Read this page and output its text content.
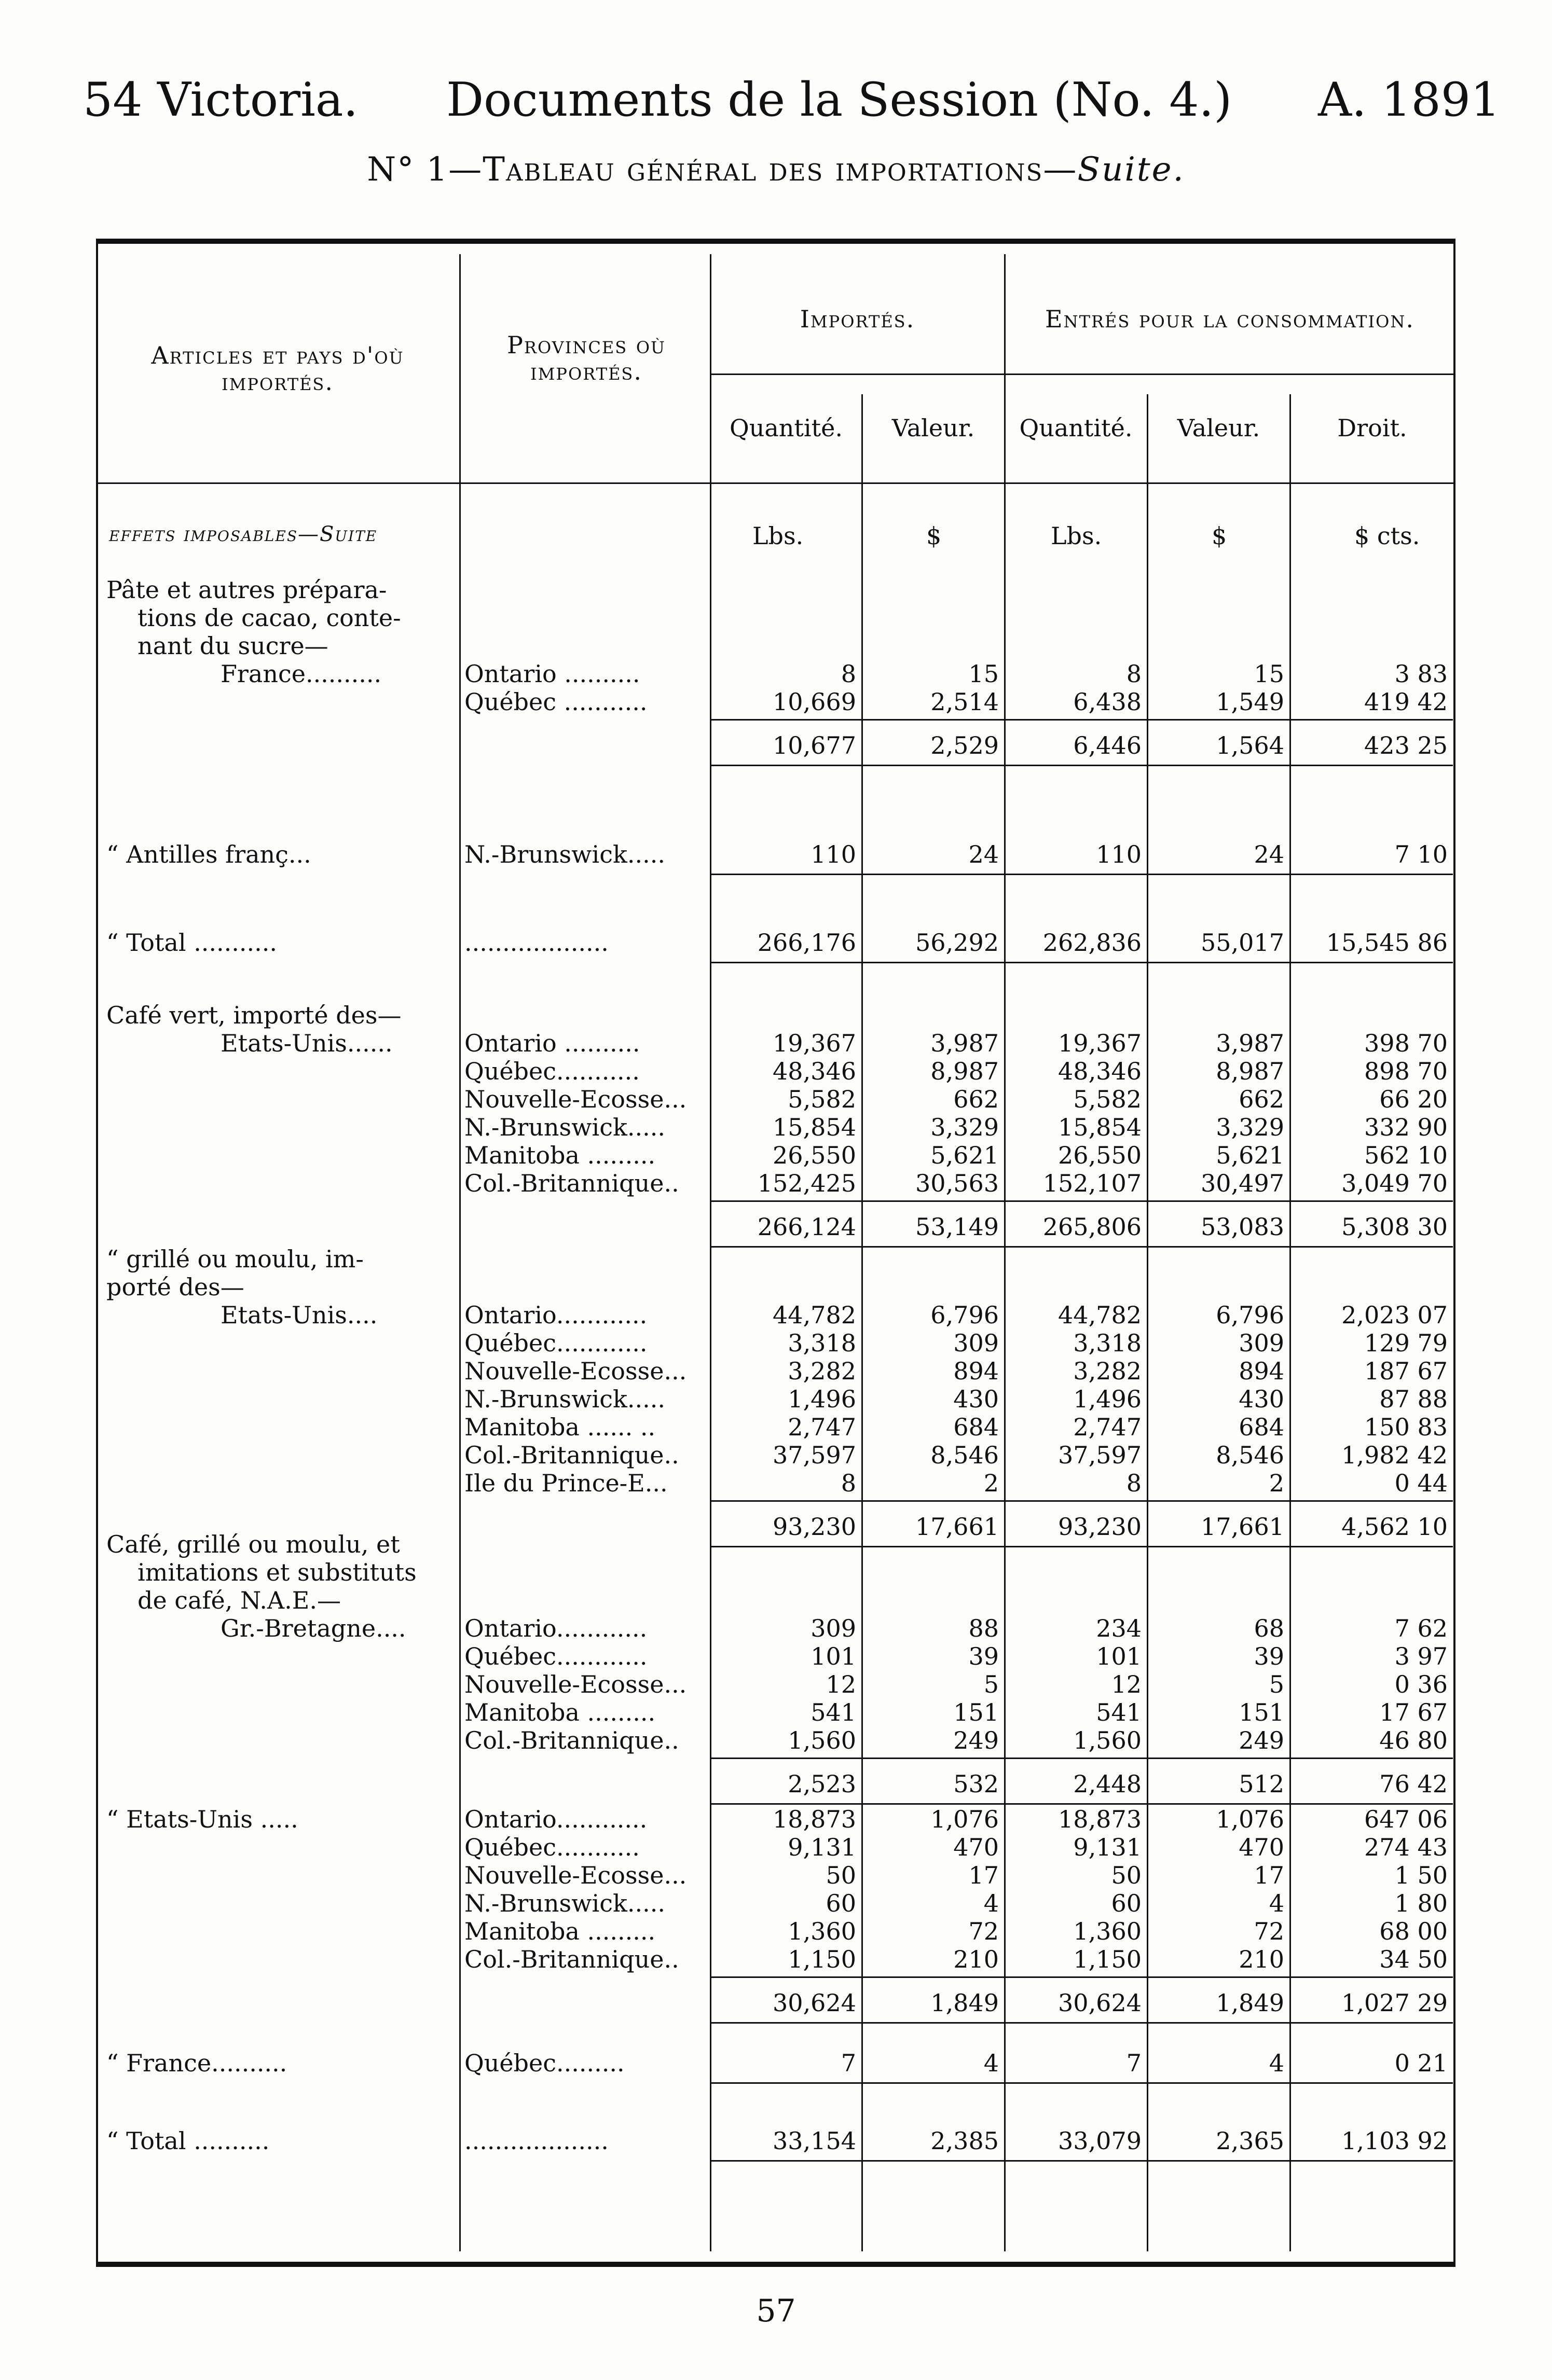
54 Victoria. Documents de la Session (No. 4.) A. 1891
N° 1—Tableau général des importations—Suite.
Articles et pays d'où importés.
Provinces où importés.
Importés.	Entrés pour la consommation.
Quantité.	Valeur.	Quantité.	Valeur.	Droit.
effets imposables—Suite	Lbs.	$	Lbs.	$	$ cts.
Pâte et autres prépara-
tions de cacao, conte-
nant du sucre—
France..........	Ontario ..........	8	15	8	15	3 83
Québec ...........	10,669	2,514	6,438	1,549	419 42
10,677	2,529	6,446	1,564	423 25
“ Antilles franç...	N.-Brunswick.....	110	24	110	24	7 10
“ Total ...........	...................	266,176	56,292	262,836	55,017	15,545 86
Café vert, importé des—
Etats-Unis......	Ontario ..........	19,367	3,987	19,367	3,987	398 70
Québec...........	48,346	8,987	48,346	8,987	898 70
Nouvelle-Ecosse...	5,582	662	5,582	662	66 20
N.-Brunswick.....	15,854	3,329	15,854	3,329	332 90
Manitoba .........	26,550	5,621	26,550	5,621	562 10
Col.-Britannique..	152,425	30,563	152,107	30,497	3,049 70
266,124	53,149	265,806	53,083	5,308 30
“ grillé ou moulu, im-
porté des—
Etats-Unis....	Ontario............	44,782	6,796	44,782	6,796	2,023 07
Québec............	3,318	309	3,318	309	129 79
Nouvelle-Ecosse...	3,282	894	3,282	894	187 67
N.-Brunswick.....	1,496	430	1,496	430	87 88
Manitoba ...... ..	2,747	684	2,747	684	150 83
Col.-Britannique..	37,597	8,546	37,597	8,546	1,982 42
Ile du Prince-E...	8	2	8	2	0 44
93,230	17,661	93,230	17,661	4,562 10
Café, grillé ou moulu, et
imitations et substituts
de café, N.A.E.—
Gr.-Bretagne.... Ontario............	309	88	234	68	7 62
Québec............	101	39	101	39	3 97
Nouvelle-Ecosse...	12	5	12	5	0 36
Manitoba .........	541	151	541	151	17 67
Col.-Britannique..	1,560	249	1,560	249	46 80
2,523	532	2,448	512	76 42
“ Etats-Unis .....	Ontario............	18,873	1,076	18,873	1,076	647 06
Québec...........	9,131	470	9,131	470	274 43
Nouvelle-Ecosse...	50	17	50	17	1 50
N.-Brunswick.....	60	4	60	4	1 80
Manitoba .........	1,360	72	1,360	72	68 00
Col.-Britannique..	1,150	210	1,150	210	34 50
30,624	1,849	30,624	1,849	1,027 29
“ France..........	Québec.........	7	4	7	4	0 21
“ Total ..........	...................	33,154	2,385	33,079	2,365	1,103 92
57
